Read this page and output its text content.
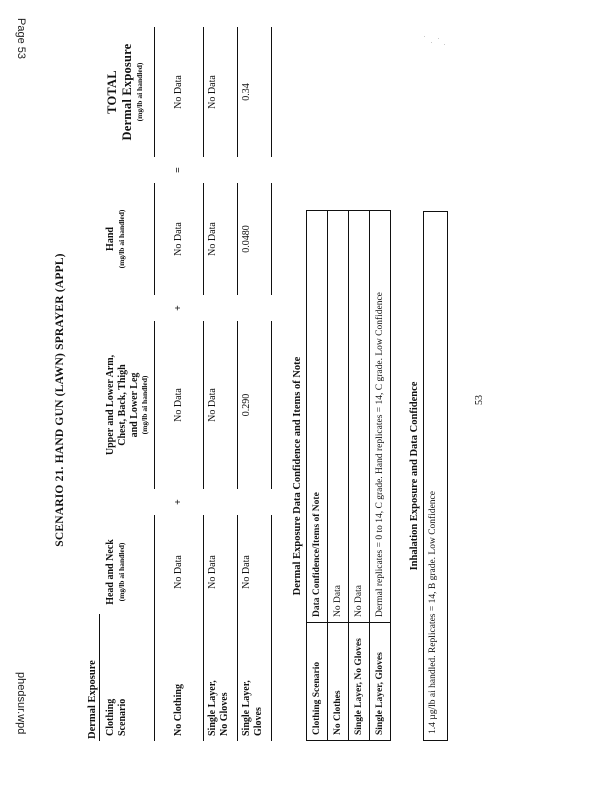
Page 53
phedsur.wpd
SCENARIO 21. HAND GUN (LAWN) SPRAYER (APPL)
Dermal Exposure Clothing Scenario	Head and Neck (mg/lb ai handled)		Upper and Lower Arm, Chest, Back, Thigh and Lower Leg (mg/lb ai handled)		Hand (mg/lb ai handled)		TOTAL Dermal Exposure (mg/lb ai handled)

No Clothing	No Data	+	No Data	+	No Data	=	No Data
Single Layer,
No Gloves	No Data		No Data		No Data		No Data
Single Layer,
Gloves	No Data		0.290		0.0480		0.34
Dermal Exposure Data Confidence and Items of Note
Clothing Scenario	Data Confidence/Items of Note
No Clothes	No Data
Single Layer, No Gloves	No Data
Single Layer, Gloves	Dermal replicates = 0 to 14, C grade. Hand replicates = 14, C grade. Low Confidence Inhalation Exposure and Data Confidence
1.4 µg/lb ai handled. Replicates = 14, B grade. Low Confidence
53
